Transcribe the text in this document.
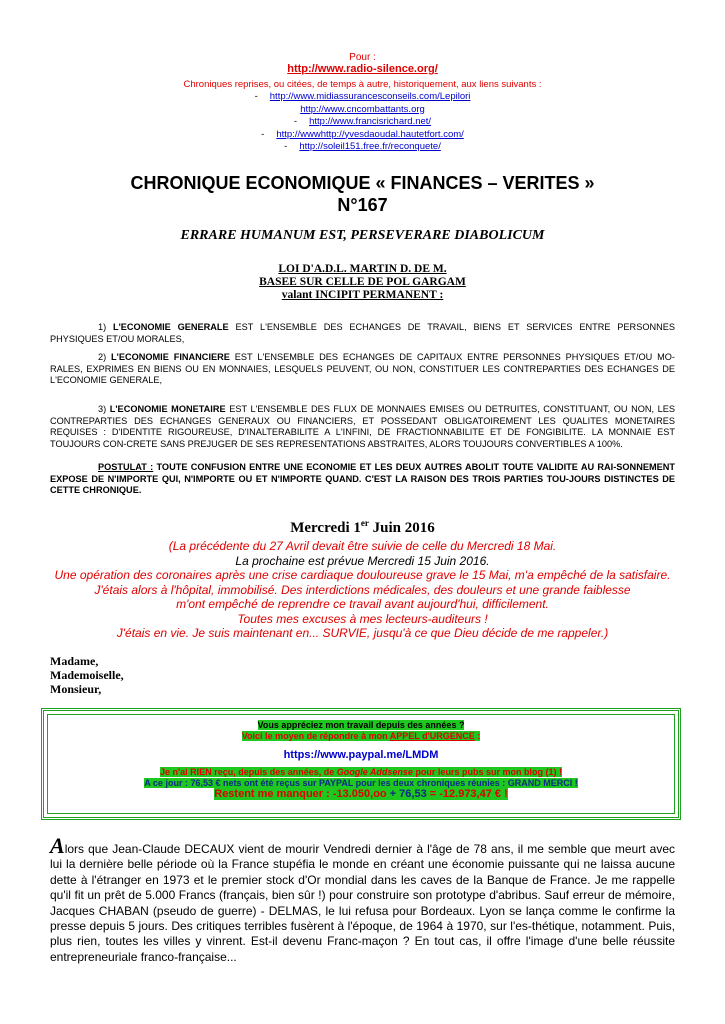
Pour :
http://www.radio-silence.org/
Chroniques reprises, ou citées, de temps à autre, historiquement, aux liens suivants :
- http://www.midiassurancesconseils.com/Lepilori
http://www.cncombattants.org
- http://www.francisrichard.net/
- http://wwwhttp://yvesdaoudal.hautetfort.com/
- http://soleil151.free.fr/reconquete/
CHRONIQUE ECONOMIQUE « FINANCES – VERITES »
N°167
ERRARE HUMANUM EST, PERSEVERARE DIABOLICUM
LOI D'A.D.L. MARTIN D. DE M.
BASEE SUR CELLE DE POL GARGAM
valant INCIPIT PERMANENT :
1) L'ECONOMIE GENERALE EST L'ENSEMBLE DES ECHANGES DE TRAVAIL, BIENS ET SERVICES ENTRE PERSONNES PHYSIQUES ET/OU MORALES,
2) L'ECONOMIE FINANCIERE EST L'ENSEMBLE DES ECHANGES DE CAPITAUX ENTRE PERSONNES PHYSIQUES ET/OU MO-RALES, EXPRIMES EN BIENS OU EN MONNAIES, LESQUELS PEUVENT, OU NON, CONSTITUER LES CONTREPARTIES DES ECHANGES DE L'ECONOMIE GENERALE,
3) L'ECONOMIE MONETAIRE EST L'ENSEMBLE DES FLUX DE MONNAIES EMISES OU DETRUITES, CONSTITUANT, OU NON, LES CONTREPARTIES DES ECHANGES GENERAUX OU FINANCIERS, ET POSSEDANT OBLIGATOIREMENT LES QUALITES MONETAIRES REQUISES : D'IDENTITE RIGOUREUSE, D'INALTERABILITE A L'INFINI, DE FRACTIONNABILITE ET DE FONGIBILITE. LA MONNAIE EST TOUJOURS CON-CRETE SANS PREJUGER DE SES REPRESENTATIONS ABSTRAITES, ALORS TOUJOURS CONVERTIBLES A 100%.
POSTULAT : TOUTE CONFUSION ENTRE UNE ECONOMIE ET LES DEUX AUTRES ABOLIT TOUTE VALIDITE AU RAI-SONNEMENT EXPOSE DE N'IMPORTE QUI, N'IMPORTE OU ET N'IMPORTE QUAND. C'EST LA RAISON DES TROIS PARTIES TOU-JOURS DISTINCTES DE CETTE CHRONIQUE.
Mercredi 1er Juin 2016
(La précédente du 27 Avril devait être suivie de celle du Mercredi 18 Mai.
La prochaine est prévue Mercredi 15 Juin 2016.
Une opération des coronaires après une crise cardiaque douloureuse grave le 15 Mai, m'a empêché de la satisfaire.
J'étais alors à l'hôpital, immobilisé. Des interdictions médicales, des douleurs et une grande faiblesse
m'ont empêché de reprendre ce travail avant aujourd'hui, difficilement.
Toutes mes excuses à mes lecteurs-auditeurs !
J'étais en vie. Je suis maintenant en... SURVIE, jusqu'à ce que Dieu décide de me rappeler.)
Madame,
Mademoiselle,
Monsieur,
Vous appréciez mon travail depuis des années ?
Voici le moyen de répondre à mon APPEL d'URGENCE :
https://www.paypal.me/LMDM
Je n'ai RIEN reçu, depuis des années, de Google Addsense pour leurs pubs sur mon blog (1) !
A ce jour : 76,53 € nets ont été reçus sur PAYPAL pour les deux chroniques réunies : GRAND MERCI !
Restent me manquer : -13.050,oo + 76,53 = -12.973,47 € !
Alors que Jean-Claude DECAUX vient de mourir Vendredi dernier à l'âge de 78 ans, il me semble que meurt avec lui la dernière belle période où la France stupéfia le monde en créant une économie puissante qui ne laissa aucune dette à l'étranger en 1973 et le premier stock d'Or mondial dans les caves de la Banque de France. Je me rappelle qu'il fit un prêt de 5.000 Francs (français, bien sûr !) pour construire son prototype d'abribus. Sauf erreur de mémoire, Jacques CHABAN (pseudo de guerre) - DELMAS, le lui refusa pour Bordeaux. Lyon se lança comme le confirme la presse depuis 5 jours. Des critiques terribles fusèrent à l'époque, de 1964 à 1970, sur l'es-thétique, notamment. Puis, plus rien, toutes les villes y vinrent. Est-il devenu Franc-maçon ? En tout cas, il offre l'image d'une belle réussite entrepreneuriale franco-française...
